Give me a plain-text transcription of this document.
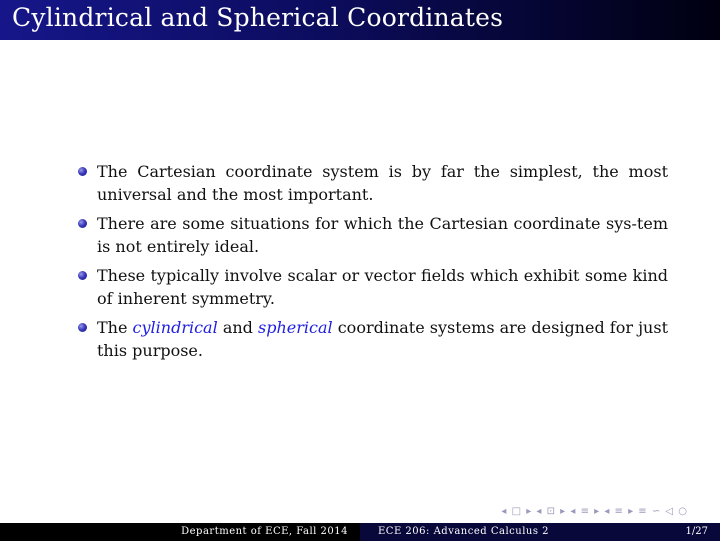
Cylindrical and Spherical Coordinates
The Cartesian coordinate system is by far the simplest, the most universal and the most important.
There are some situations for which the Cartesian coordinate sys-tem is not entirely ideal.
These typically involve scalar or vector fields which exhibit some kind of inherent symmetry.
The cylindrical and spherical coordinate systems are designed for just this purpose.
◂ □ ▸ ◂ ⊡ ▸ ◂ ≡ ▸ ◂ ≡ ▸ ≡ ∽ ◁ ○
Department of ECE, Fall 2014	ECE 206: Advanced Calculus 2	1/27
